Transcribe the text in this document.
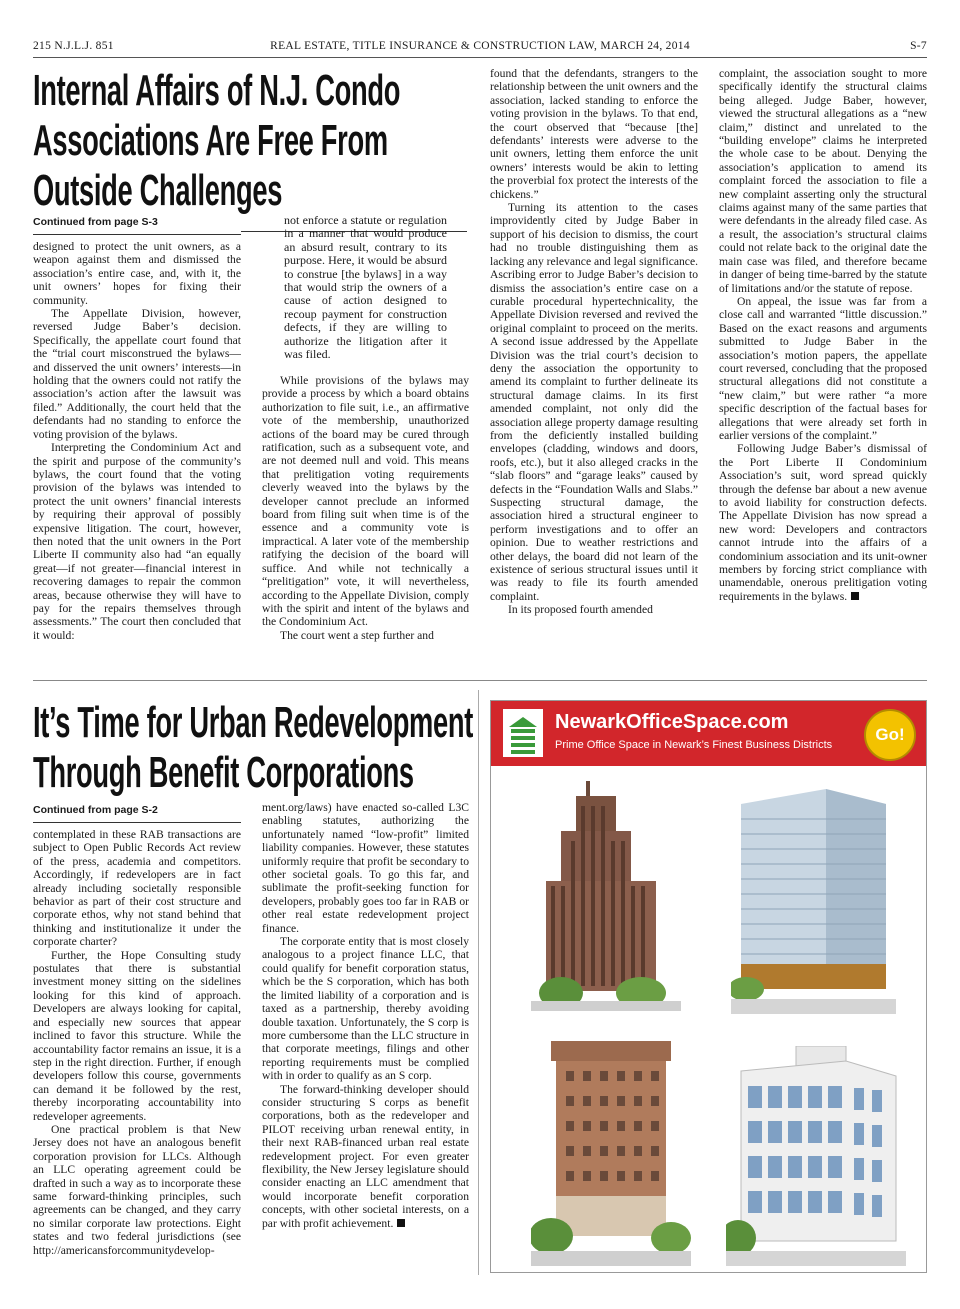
215 N.J.L.J. 851	REAL ESTATE, TITLE INSURANCE & CONSTRUCTION LAW, MARCH 24, 2014	S-7
Internal Affairs of N.J. Condo
Associations Are Free From
Outside Challenges
Continued from page S-3

designed to protect the unit owners, as a weapon against them and dismissed the association’s entire case, and, with it, the unit owners’ hopes for fixing their community.

The Appellate Division, however, reversed Judge Baber’s decision. Specifically, the appellate court found that the “trial court misconstrued the bylaws—and disserved the unit owners’ interests—in holding that the owners could not ratify the association’s action after the lawsuit was filed.” Additionally, the court held that the defendants had no standing to enforce the voting provision of the bylaws.

Interpreting the Condominium Act and the spirit and purpose of the community’s bylaws, the court found that the voting provision of the bylaws was intended to protect the unit owners’ financial interests by requiring their approval of possibly expensive litigation. The court, however, then noted that the unit owners in the Port Liberte II community also had “an equally great—if not greater—financial interest in recovering damages to repair the common areas, because otherwise they will have to pay for the repairs themselves through assessments.” The court then concluded that it would:

not enforce a statute or regulation in a manner that would produce an absurd result, contrary to its purpose. Here, it would be absurd to construe [the bylaws] in a way that would strip the owners of a cause of action designed to recoup payment for construction defects, if they are willing to authorize the litigation after it was filed.

While provisions of the bylaws may provide a process by which a board obtains authorization to file suit, i.e., an affirmative vote of the membership, unauthorized actions of the board may be cured through ratification, such as a subsequent vote, and are not deemed null and void. This means that prelitigation voting requirements cleverly weaved into the bylaws by the developer cannot preclude an informed board from filing suit when time is of the essence and a community vote is impractical. A later vote of the membership ratifying the decision of the board will suffice. And while not technically a “prelitigation” vote, it will nevertheless, according to the Appellate Division, comply with the spirit and intent of the bylaws and the Condominium Act.

The court went a step further and

found that the defendants, strangers to the relationship between the unit owners and the association, lacked standing to enforce the voting provision in the bylaws. To that end, the court observed that “because [the] defendants’ interests were adverse to the unit owners, letting them enforce the unit owners’ interests would be akin to letting the proverbial fox protect the interests of the chickens.”

Turning its attention to the cases improvidently cited by Judge Baber in support of his decision to dismiss, the court had no trouble distinguishing them as lacking any relevance and legal significance. Ascribing error to Judge Baber’s decision to dismiss the association’s entire case on a curable procedural hypertechnicality, the Appellate Division reversed and revived the original complaint to proceed on the merits. A second issue addressed by the Appellate Division was the trial court’s decision to deny the association the opportunity to amend its complaint to further delineate its structural damage claims. In its first amended complaint, not only did the association allege property damage resulting from the deficiently installed building envelopes (cladding, windows and doors, roofs, etc.), but it also alleged cracks in the “slab floors” and “garage leaks” caused by defects in the “Foundation Walls and Slabs.” Suspecting structural damage, the association hired a structural engineer to perform investigations and to offer an opinion. Due to weather restrictions and other delays, the board did not learn of the existence of serious structural issues until it was ready to file its fourth amended complaint.

In its proposed fourth amended

complaint, the association sought to more specifically identify the structural claims being alleged. Judge Baber, however, viewed the structural allegations as a “new claim,” distinct and unrelated to the “building envelope” claims he interpreted the whole case to be about. Denying the association’s application to amend its complaint forced the association to file a new complaint asserting only the structural claims against many of the same parties that were defendants in the already filed case. As a result, the association’s structural claims could not relate back to the original date the main case was filed, and therefore became in danger of being time-barred by the statute of limitations and/or the statute of repose.

On appeal, the issue was far from a close call and warranted “little discussion.” Based on the exact reasons and arguments submitted to Judge Baber in the association’s motion papers, the appellate court reversed, concluding that the proposed structural allegations did not constitute a “new claim,” but were rather “a more specific description of the factual bases for allegations that were already set forth in earlier versions of the complaint.”

Following Judge Baber’s dismissal of the Port Liberte II Condominium Association’s suit, word spread quickly through the defense bar about a new avenue to avoid liability for construction defects. The Appellate Division has now spread a new word: Developers and contractors cannot intrude into the affairs of a condominium association and its unit-owner members by forcing strict compliance with unamendable, onerous prelitigation voting requirements in the bylaws.

It’s Time for Urban Redevelopment
Through Benefit Corporations
Continued from page S-2

contemplated in these RAB transactions are subject to Open Public Records Act review of the press, academia and competitors. Accordingly, if redevelopers are in fact already including societally responsible behavior as part of their cost structure and corporate ethos, why not stand behind that thinking and institutionalize it under the corporate charter?

Further, the Hope Consulting study postulates that there is substantial investment money sitting on the sidelines looking for this kind of approach. Developers are always looking for capital, and especially new sources that appear inclined to favor this structure. While the accountability factor remains an issue, it is a step in the right direction. Further, if enough developers follow this course, governments can demand it be followed by the rest, thereby incorporating accountability into redeveloper agreements.

One practical problem is that New Jersey does not have an analogous benefit corporation provision for LLCs. Although an LLC operating agreement could be drafted in such a way as to incorporate these same forward-thinking principles, such agreements can be changed, and they carry no similar corporate law protections. Eight states and two federal jurisdictions (see http://americansforcommunitydevelop-

ment.org/laws) have enacted so-called L3C enabling statutes, authorizing the unfortunately named “low-profit” limited liability companies. However, these statutes uniformly require that profit be secondary to other societal goals. To go this far, and sublimate the profit-seeking function for developers, probably goes too far in RAB or other real estate redevelopment project finance.

The corporate entity that is most closely analogous to a project finance LLC, that could qualify for benefit corporation status, which be the S corporation, which has both the limited liability of a corporation and is taxed as a partnership, thereby avoiding double taxation. Unfortunately, the S corp is more cumbersome than the LLC structure in that corporate meetings, filings and other reporting requirements must be complied with in order to qualify as an S corp.

The forward-thinking developer should consider structuring S corps as benefit corporations, both as the redeveloper and PILOT receiving urban renewal entity, in their next RAB-financed urban real estate redevelopment project. For even greater flexibility, the New Jersey legislature should consider enacting an LLC amendment that would incorporate benefit corporation concepts, with other societal interests, on a par with profit achievement.

NewarkOfficeSpace.com
Prime Office Space in Newark’s Finest Business Districts
Go!
